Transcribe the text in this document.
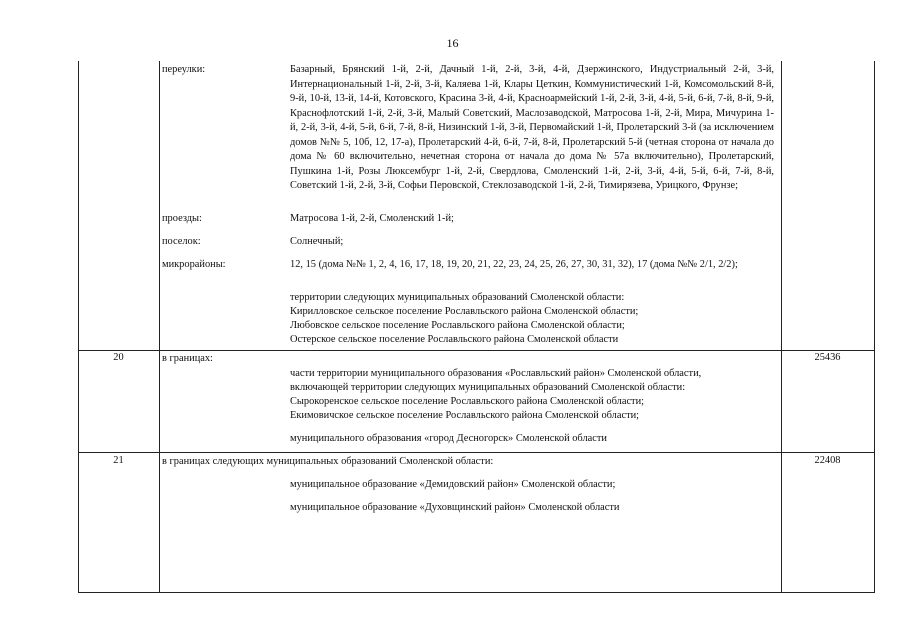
16
переулки:	Базарный, Брянский 1-й, 2-й, Дачный 1-й, 2-й, 3-й, 4-й, Дзержинского, Индустриальный 2-й, 3-й, Интернациональный 1-й, 2-й, 3-й, Каляева 1-й, Клары Цеткин, Коммунистический 1-й, Комсомольский 8-й, 9-й, 10-й, 13-й, 14-й, Котовского, Красина 3-й, 4-й, Красноармейский 1-й, 2-й, 3-й, 4-й, 5-й, 6-й, 7-й, 8-й, 9-й, Краснофлотский 1-й, 2-й, 3-й, Малый Советский, Маслозаводской, Матросова 1-й, 2-й, Мира, Мичурина 1-й, 2-й, 3-й, 4-й, 5-й, 6-й, 7-й, 8-й, Низинский 1-й, 3-й, Первомайский 1-й, Пролетарский 3-й (за исключением домов №№ 5, 10б, 12, 17-а), Пролетарский 4-й, 6-й, 7-й, 8-й, Пролетарский 5-й (четная сторона от начала до дома № 60 включительно, нечетная сторона от начала до дома № 57а включительно), Пролетарский, Пушкина 1-й, Розы Люксембург 1-й, 2-й, Свердлова, Смоленский 1-й, 2-й, 3-й, 4-й, 5-й, 6-й, 7-й, 8-й, Советский 1-й, 2-й, 3-й, Софьи Перовской, Стеклозаводской 1-й, 2-й, Тимирязева, Урицкого, Фрунзе;
проезды:	Матросова 1-й, 2-й, Смоленский 1-й;
поселок:	Солнечный;
микрорайоны:	12, 15 (дома №№ 1, 2, 4, 16, 17, 18, 19, 20, 21, 22, 23, 24, 25, 26, 27, 30, 31, 32), 17 (дома №№ 2/1, 2/2);
территории следующих муниципальных образований Смоленской области:
Кирилловское сельское поселение Рославльского района Смоленской области;
Любовское сельское поселение Рославльского района Смоленской области;
Остерское сельское поселение Рославльского района Смоленской области
20	в границах:	25436
части территории муниципального образования «Рославльский район» Смоленской области,
включающей территории следующих муниципальных образований Смоленской области:
Сырокоренское сельское поселение Рославльского района Смоленской области;
Екимовичское сельское поселение Рославльского района Смоленской области;
муниципального образования «город Десногорск» Смоленской области
21	в границах следующих муниципальных образований Смоленской области:	22408
муниципальное образование «Демидовский район» Смоленской области;
муниципальное образование «Духовщинский район» Смоленской области
